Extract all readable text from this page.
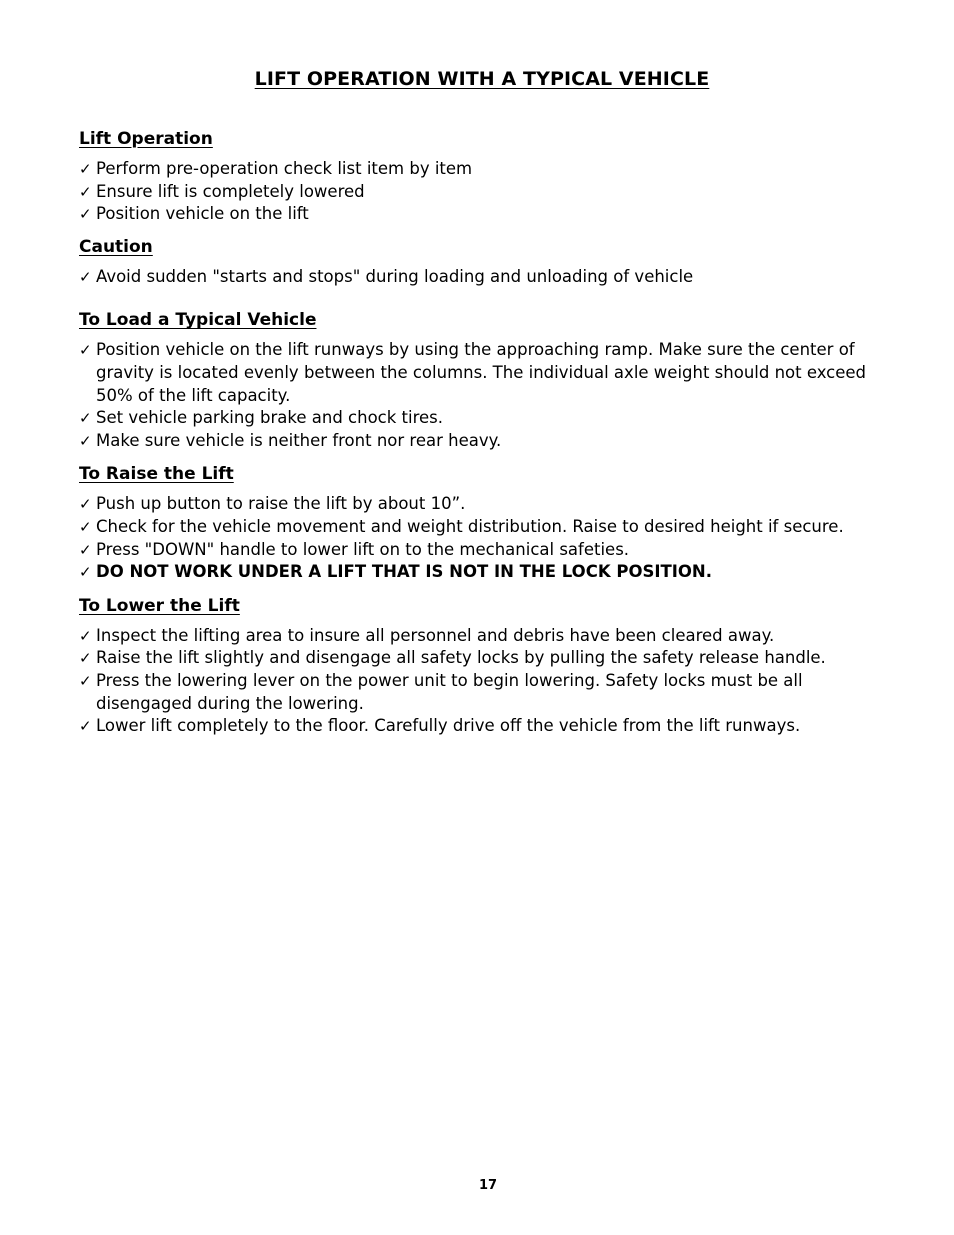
LIFT OPERATION WITH A TYPICAL VEHICLE
Lift Operation
✓ Perform pre-operation check list item by item
✓ Ensure lift is completely lowered
✓ Position vehicle on the lift
Caution
✓ Avoid sudden "starts and stops" during loading and unloading of vehicle
To Load a Typical Vehicle
✓ Position vehicle on the lift runways by using the approaching ramp. Make sure the center of gravity is located evenly between the columns. The individual axle weight should not exceed 50% of the lift capacity.
✓ Set vehicle parking brake and chock tires.
✓ Make sure vehicle is neither front nor rear heavy.
To Raise the Lift
✓ Push up button to raise the lift by about 10”.
✓ Check for the vehicle movement and weight distribution. Raise to desired height if secure.
✓ Press "DOWN" handle to lower lift on to the mechanical safeties.
✓ DO NOT WORK UNDER A LIFT THAT IS NOT IN THE LOCK POSITION.
To Lower the Lift
✓ Inspect the lifting area to insure all personnel and debris have been cleared away.
✓ Raise the lift slightly and disengage all safety locks by pulling the safety release handle.
✓ Press the lowering lever on the power unit to begin lowering. Safety locks must be all disengaged during the lowering.
✓ Lower lift completely to the floor. Carefully drive off the vehicle from the lift runways.
17
